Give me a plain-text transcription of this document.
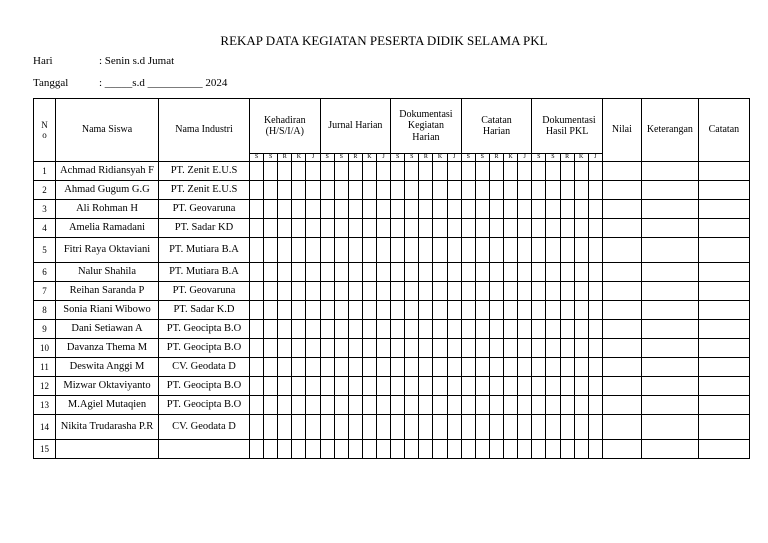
REKAP DATA KEGIATAN PESERTA DIDIK SELAMA PKL
Hari	: Senin s.d Jumat
Tanggal	: _____s.d __________ 2024
N o	Nama Siswa	Nama Industri	Kehadiran (H/S/I/A)					Jurnal Harian					Dokumentasi Kegiatan Harian					Catatan Harian					Dokumentasi Hasil PKL					Nilai	Keterangan	Catatan
			S	S	R	K	J	S	S	R	K	J	S	S	R	K	J	S	S	R	K	J	S	S	R	K	J			
1	Achmad Ridiansyah F	PT. Zenit E.U.S																												
2	Ahmad Gugum G.G	PT. Zenit E.U.S																												
3	Ali Rohman H	PT. Geovaruna																												
4	Amelia Ramadani	PT. Sadar KD																												
5	Fitri Raya Oktaviani	PT. Mutiara B.A																												
6	Nalur Shahila	PT. Mutiara B.A																												
7	Reihan Saranda P	PT. Geovaruna																												
8	Sonia Riani Wibowo	PT. Sadar K.D																												
9	Dani Setiawan A	PT. Geocipta B.O																												
10	Davanza Thema M	PT. Geocipta B.O																												
11	Deswita Anggi M	CV. Geodata D																												
12	Mizwar Oktaviyanto	PT. Geocipta B.O																												
13	M.Agiel Mutaqien	PT. Geocipta B.O																												
14	Nikita Trudarasha P.R	CV. Geodata D																												
15																														
